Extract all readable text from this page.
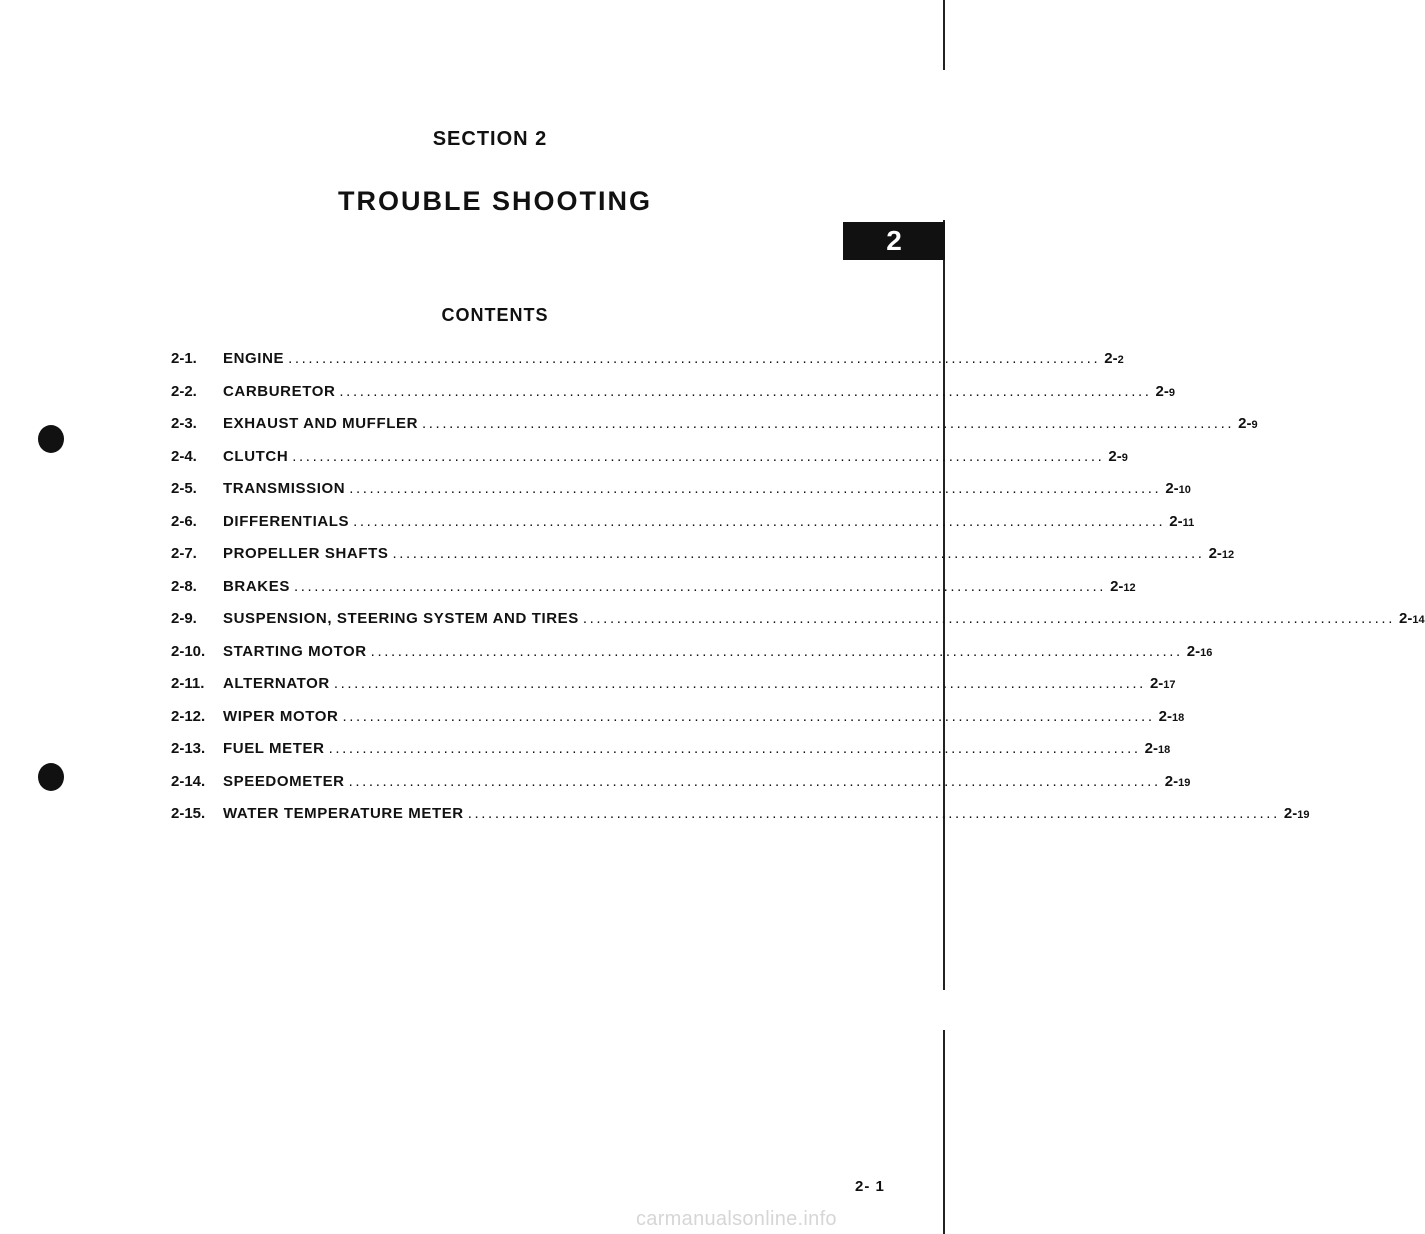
2
SECTION 2
TROUBLE SHOOTING
CONTENTS
2-1.	ENGINE ........................................................................................................................ 2-2
2-2.	CARBURETOR ........................................................................................................................ 2-9
2-3.	EXHAUST AND MUFFLER ........................................................................................................................ 2-9
2-4.	CLUTCH ........................................................................................................................ 2-9
2-5.	TRANSMISSION ........................................................................................................................ 2-10
2-6.	DIFFERENTIALS ........................................................................................................................ 2-11
2-7.	PROPELLER SHAFTS ........................................................................................................................ 2-12
2-8.	BRAKES ........................................................................................................................ 2-12
2-9.	SUSPENSION, STEERING SYSTEM AND TIRES ........................................................................................................................ 2-14
2-10.	STARTING MOTOR ........................................................................................................................ 2-16
2-11.	ALTERNATOR ........................................................................................................................ 2-17
2-12.	WIPER MOTOR ........................................................................................................................ 2-18
2-13.	FUEL METER ........................................................................................................................ 2-18
2-14.	SPEEDOMETER ........................................................................................................................ 2-19
2-15.	WATER TEMPERATURE METER ........................................................................................................................ 2-19
2- 1
carmanualsonline.info
